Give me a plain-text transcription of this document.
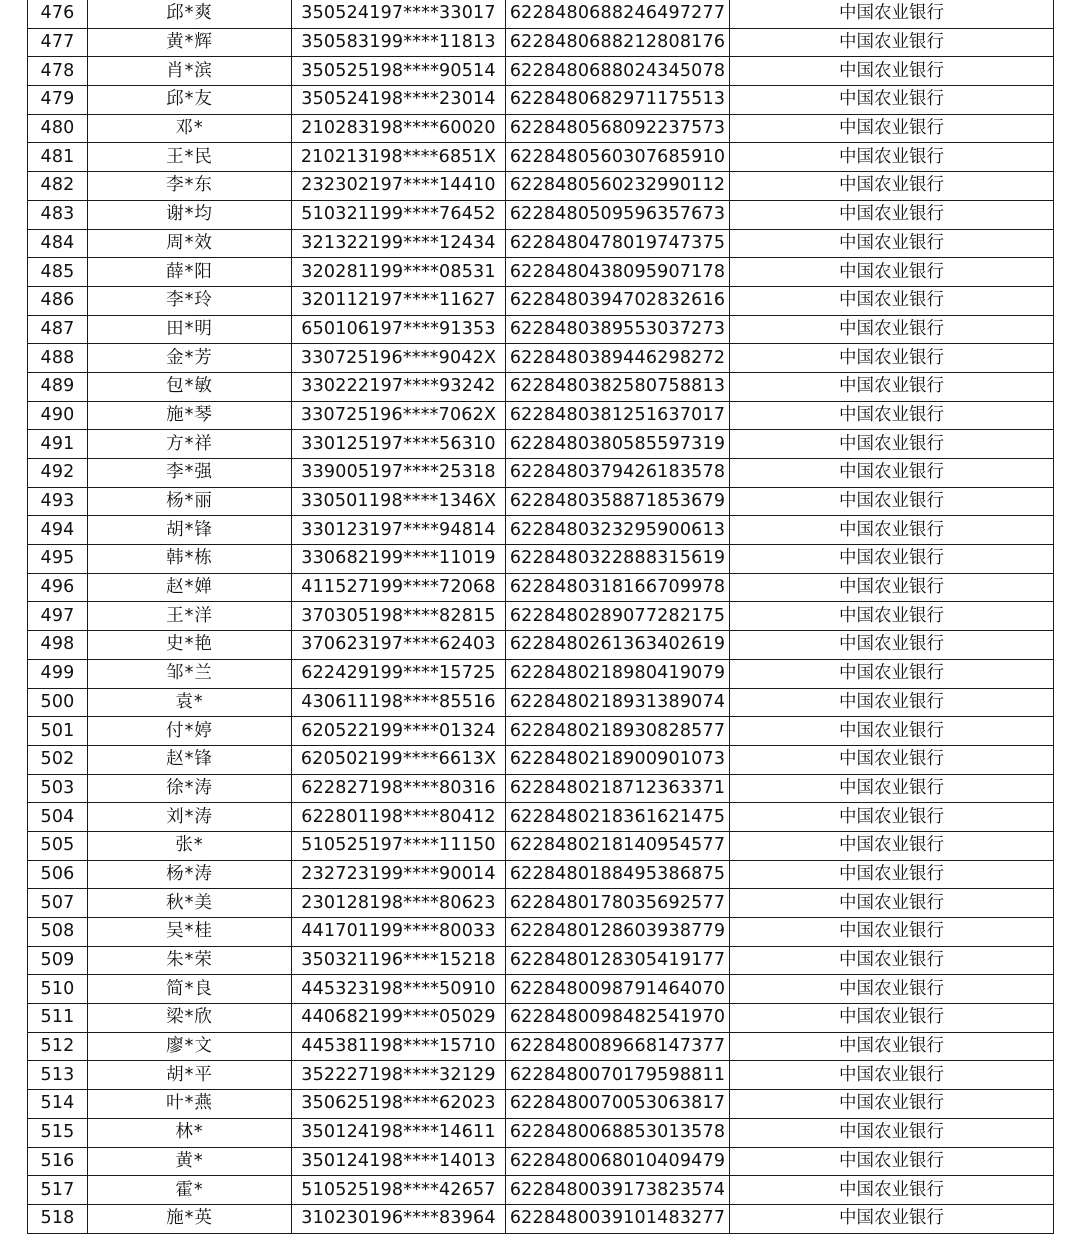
476	邱*爽	350524197****33017	6228480688246497277	中国农业银行
477	黄*辉	350583199****11813	6228480688212808176	中国农业银行
478	肖*滨	350525198****90514	6228480688024345078	中国农业银行
479	邱*友	350524198****23014	6228480682971175513	中国农业银行
480	邓*	210283198****60020	6228480568092237573	中国农业银行
481	王*民	210213198****6851X	6228480560307685910	中国农业银行
482	李*东	232302197****14410	6228480560232990112	中国农业银行
483	谢*均	510321199****76452	6228480509596357673	中国农业银行
484	周*效	321322199****12434	6228480478019747375	中国农业银行
485	薛*阳	320281199****08531	6228480438095907178	中国农业银行
486	李*玲	320112197****11627	6228480394702832616	中国农业银行
487	田*明	650106197****91353	6228480389553037273	中国农业银行
488	金*芳	330725196****9042X	6228480389446298272	中国农业银行
489	包*敏	330222197****93242	6228480382580758813	中国农业银行
490	施*琴	330725196****7062X	6228480381251637017	中国农业银行
491	方*祥	330125197****56310	6228480380585597319	中国农业银行
492	李*强	339005197****25318	6228480379426183578	中国农业银行
493	杨*丽	330501198****1346X	6228480358871853679	中国农业银行
494	胡*锋	330123197****94814	6228480323295900613	中国农业银行
495	韩*栋	330682199****11019	6228480322888315619	中国农业银行
496	赵*婵	411527199****72068	6228480318166709978	中国农业银行
497	王*洋	370305198****82815	6228480289077282175	中国农业银行
498	史*艳	370623197****62403	6228480261363402619	中国农业银行
499	邹*兰	622429199****15725	6228480218980419079	中国农业银行
500	袁*	430611198****85516	6228480218931389074	中国农业银行
501	付*婷	620522199****01324	6228480218930828577	中国农业银行
502	赵*锋	620502199****6613X	6228480218900901073	中国农业银行
503	徐*涛	622827198****80316	6228480218712363371	中国农业银行
504	刘*涛	622801198****80412	6228480218361621475	中国农业银行
505	张*	510525197****11150	6228480218140954577	中国农业银行
506	杨*涛	232723199****90014	6228480188495386875	中国农业银行
507	秋*美	230128198****80623	6228480178035692577	中国农业银行
508	吴*桂	441701199****80033	6228480128603938779	中国农业银行
509	朱*荣	350321196****15218	6228480128305419177	中国农业银行
510	简*良	445323198****50910	6228480098791464070	中国农业银行
511	梁*欣	440682199****05029	6228480098482541970	中国农业银行
512	廖*文	445381198****15710	6228480089668147377	中国农业银行
513	胡*平	352227198****32129	6228480070179598811	中国农业银行
514	叶*燕	350625198****62023	6228480070053063817	中国农业银行
515	林*	350124198****14611	6228480068853013578	中国农业银行
516	黄*	350124198****14013	6228480068010409479	中国农业银行
517	霍*	510525198****42657	6228480039173823574	中国农业银行
518	施*英	310230196****83964	6228480039101483277	中国农业银行
